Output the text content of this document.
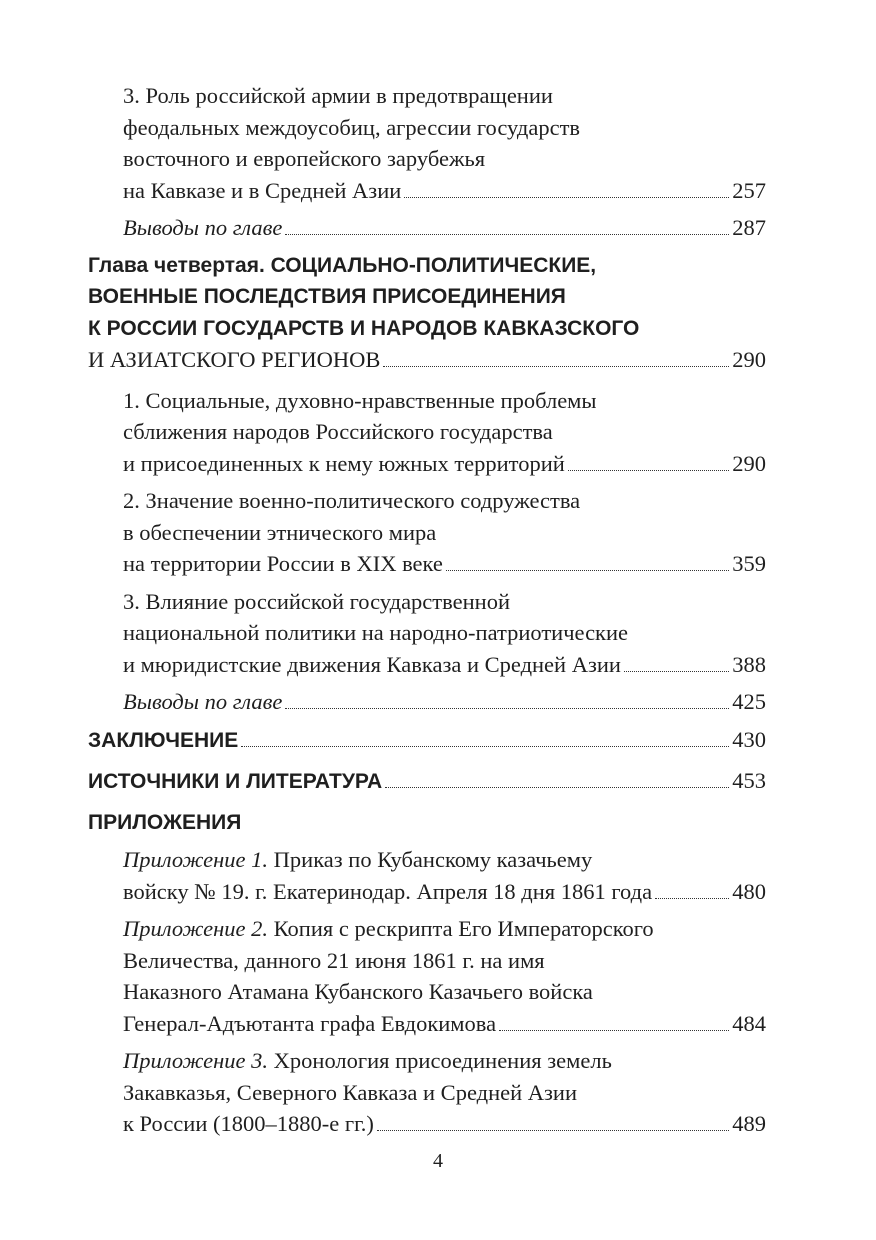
3. Роль российской армии в предотвращении
феодальных междоусобиц, агрессии государств
восточного и европейского зарубежья
на Кавказе и в Средней Азии	257
Выводы по главе	287
Глава четвертая. СОЦИАЛЬНО-ПОЛИТИЧЕСКИЕ,
ВОЕННЫЕ ПОСЛЕДСТВИЯ ПРИСОЕДИНЕНИЯ
К РОССИИ ГОСУДАРСТВ И НАРОДОВ КАВКАЗСКОГО
И АЗИАТСКОГО РЕГИОНОВ	290
1. Социальные, духовно-нравственные проблемы
сближения народов Российского государства
и присоединенных к нему южных территорий	290
2. Значение военно-политического содружества
в обеспечении этнического мира
на территории России в XIX веке	359
3. Влияние российской государственной
национальной политики на народно-патриотические
и мюридистские движения Кавказа и Средней Азии	388
Выводы по главе	425
ЗАКЛЮЧЕНИЕ	430
ИСТОЧНИКИ И ЛИТЕРАТУРА	453
ПРИЛОЖЕНИЯ
Приложение 1. Приказ по Кубанскому казачьему
войску № 19. г. Екатеринодар. Апреля 18 дня 1861 года	480
Приложение 2. Копия с рескрипта Его Императорского
Величества, данного 21 июня 1861 г. на имя
Наказного Атамана Кубанского Казачьего войска
Генерал-Адъютанта графа Евдокимова	484
Приложение 3. Хронология присоединения земель
Закавказья, Северного Кавказа и Средней Азии
к России (1800–1880-е гг.)	489
4
